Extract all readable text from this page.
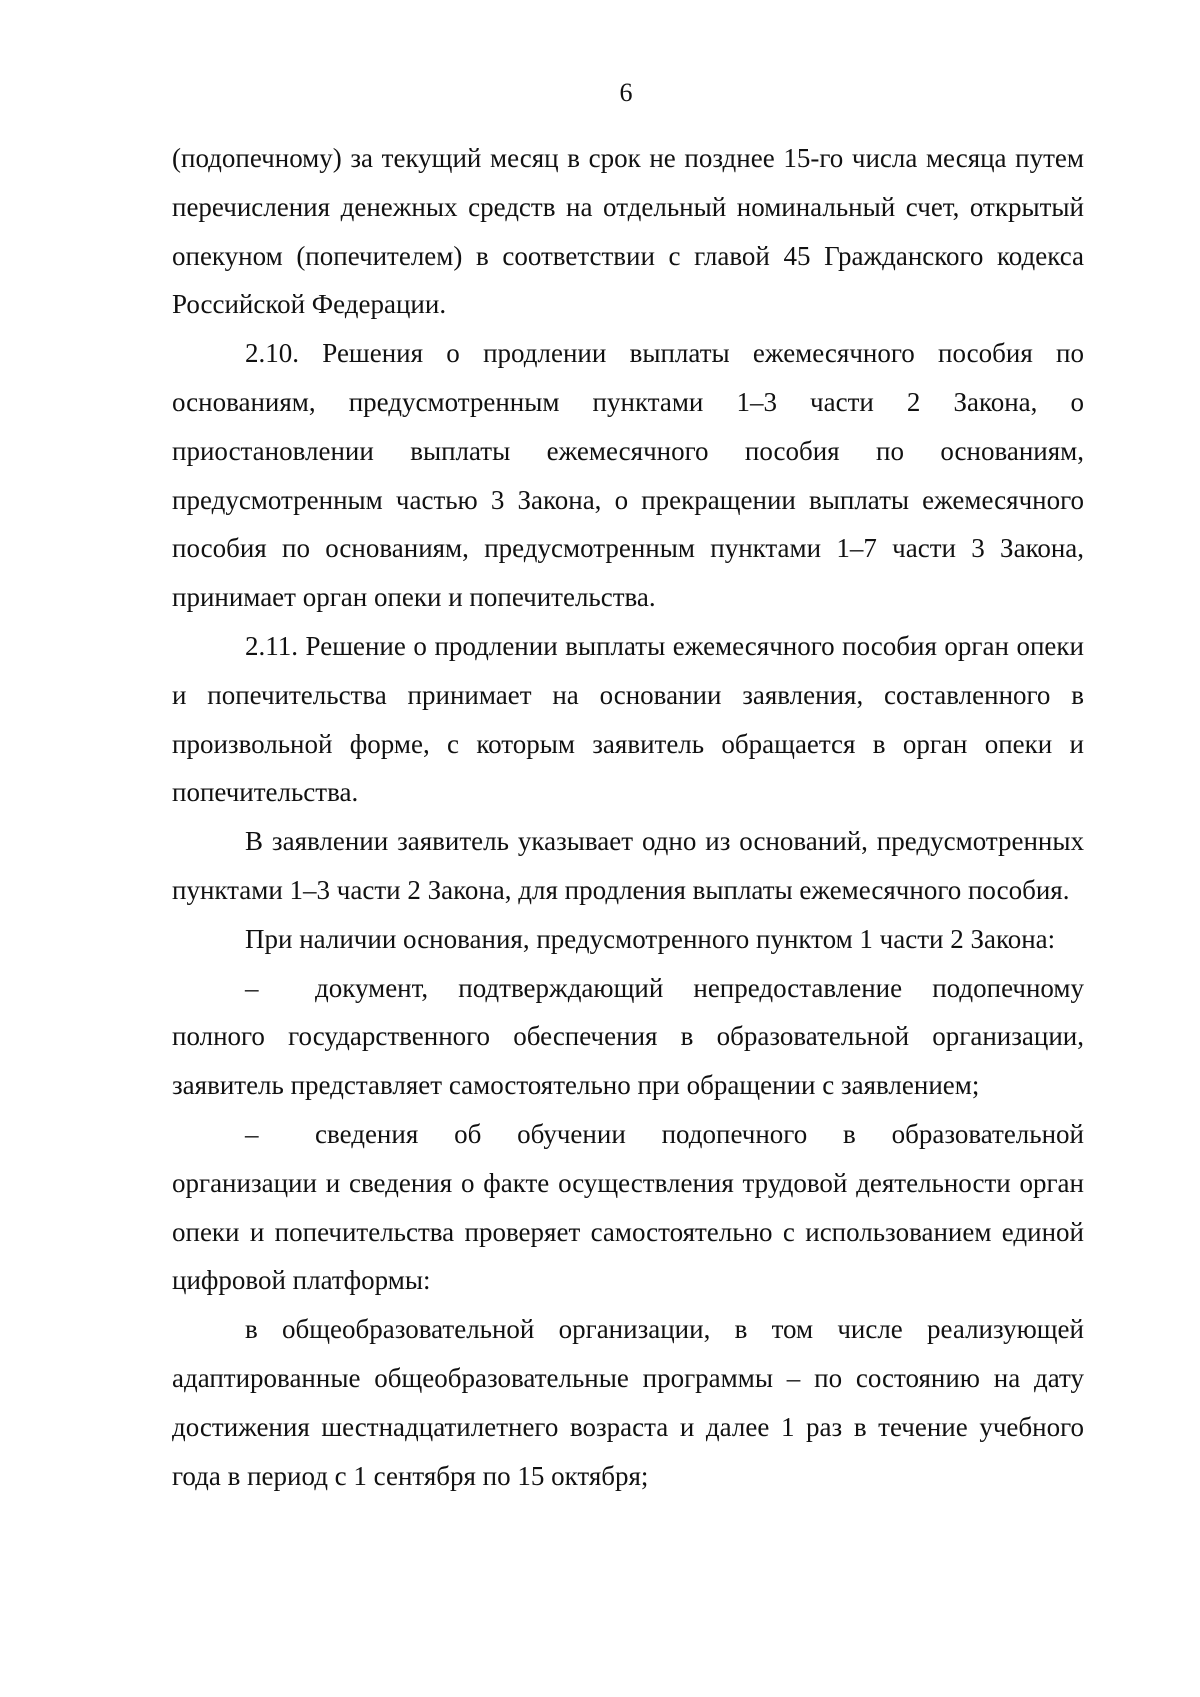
6

(подопечному) за текущий месяц в срок не позднее 15-го числа месяца путем перечисления денежных средств на отдельный номинальный счет, открытый опекуном (попечителем) в соответствии с главой 45 Гражданского кодекса Российской Федерации.

2.10. Решения о продлении выплаты ежемесячного пособия по основаниям, предусмотренным пунктами 1–3 части 2 Закона, о приостановлении выплаты ежемесячного пособия по основаниям, предусмотренным частью 3 Закона, о прекращении выплаты ежемесячного пособия по основаниям, предусмотренным пунктами 1–7 части 3 Закона, принимает орган опеки и попечительства.

2.11. Решение о продлении выплаты ежемесячного пособия орган опеки и попечительства принимает на основании заявления, составленного в произвольной форме, с которым заявитель обращается в орган опеки и попечительства.

В заявлении заявитель указывает одно из оснований, предусмотренных пунктами 1–3 части 2 Закона, для продления выплаты ежемесячного пособия.

При наличии основания, предусмотренного пунктом 1 части 2 Закона:

– документ, подтверждающий непредоставление подопечному полного государственного обеспечения в образовательной организации, заявитель представляет самостоятельно при обращении с заявлением;

– сведения об обучении подопечного в образовательной организации и сведения о факте осуществления трудовой деятельности орган опеки и попечительства проверяет самостоятельно с использованием единой цифровой платформы:

в общеобразовательной организации, в том числе реализующей адаптированные общеобразовательные программы – по состоянию на дату достижения шестнадцатилетнего возраста и далее 1 раз в течение учебного года в период с 1 сентября по 15 октября;
